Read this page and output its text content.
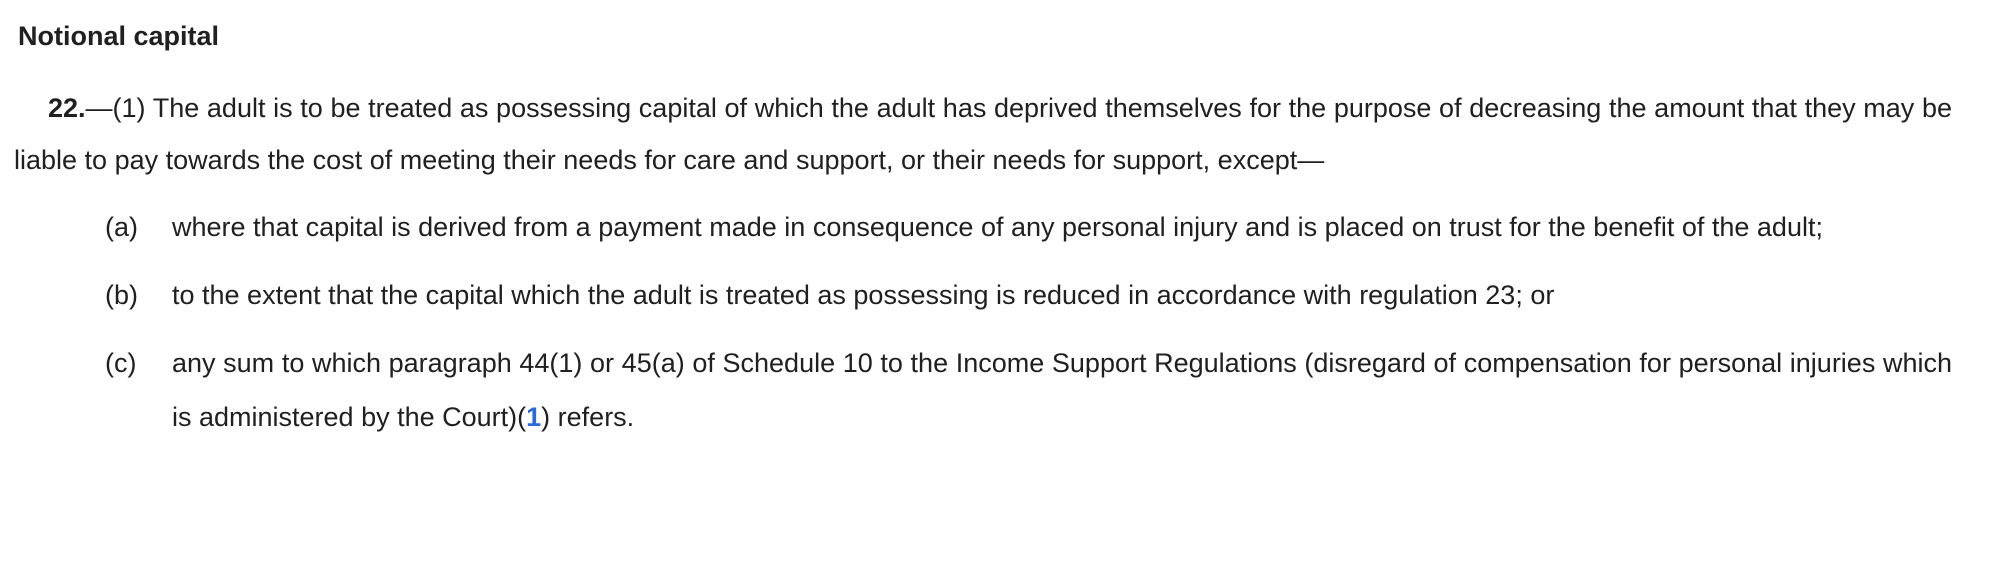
Notional capital

22.—(1) The adult is to be treated as possessing capital of which the adult has deprived themselves for the purpose of decreasing the amount that they may be liable to pay towards the cost of meeting their needs for care and support, or their needs for support, except—

(a) where that capital is derived from a payment made in consequence of any personal injury and is placed on trust for the benefit of the adult;
(b) to the extent that the capital which the adult is treated as possessing is reduced in accordance with regulation 23; or
(c) any sum to which paragraph 44(1) or 45(a) of Schedule 10 to the Income Support Regulations (disregard of compensation for personal injuries which is administered by the Court)(1) refers.
